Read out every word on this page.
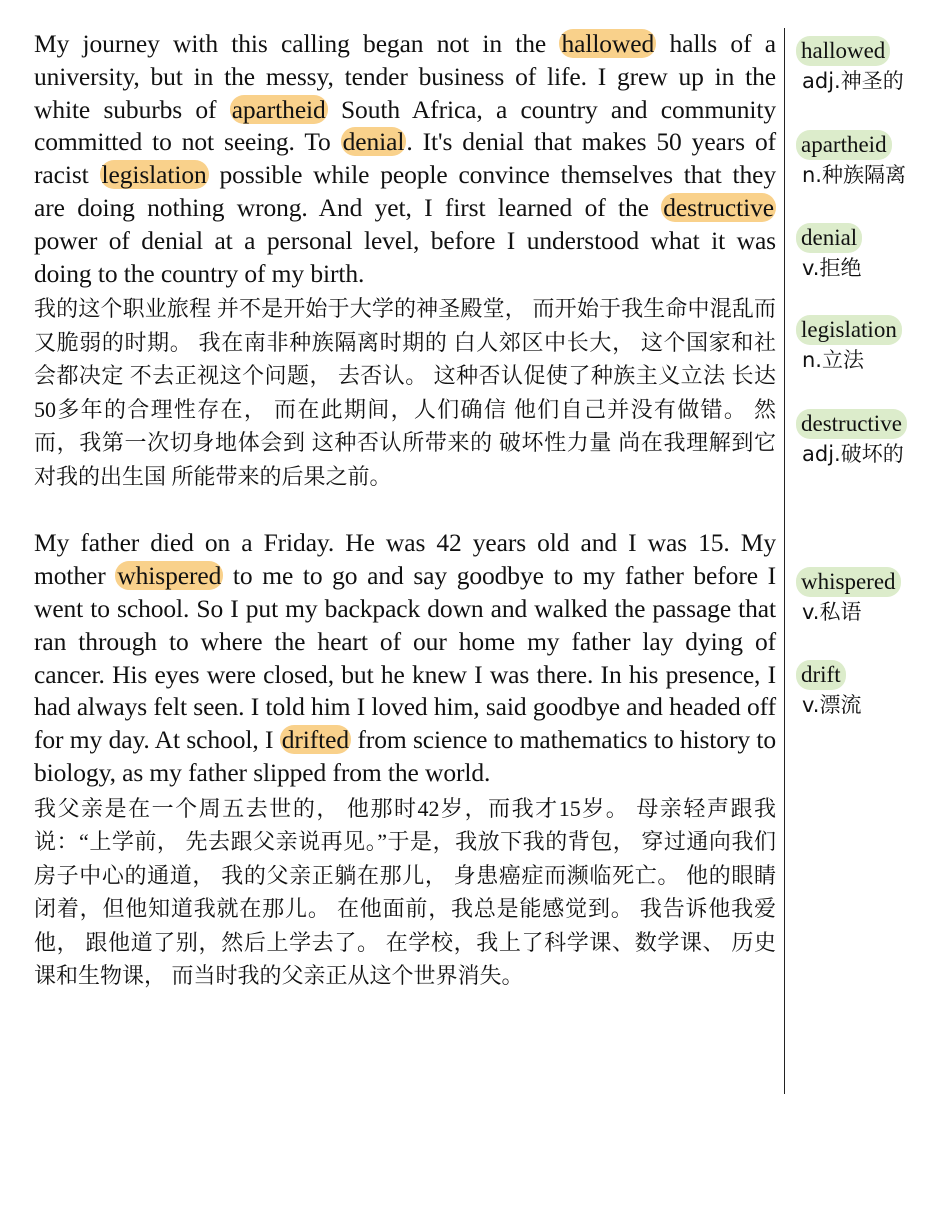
My journey with this calling began not in the hallowed halls of a university, but in the messy, tender business of life. I grew up in the white suburbs of apartheid South Africa, a country and community committed to not seeing. To denial. It's denial that makes 50 years of racist legislation possible while people convince themselves that they are doing nothing wrong. And yet, I first learned of the destructive power of denial at a personal level, before I understood what it was doing to the country of my birth.

我的这个职业旅程 并不是开始于大学的神圣殿堂， 而开始于我生命中混乱而又脆弱的时期。 我在南非种族隔离时期的 白人郊区中长大， 这个国家和社会都决定 不去正视这个问题， 去否认。 这种否认促使了种族主义立法 长达50多年的合理性存在， 而在此期间，人们确信 他们自己并没有做错。 然而，我第一次切身地体会到 这种否认所带来的 破坏性力量 尚在我理解到它对我的出生国 所能带来的后果之前。

My father died on a Friday. He was 42 years old and I was 15. My mother whispered to me to go and say goodbye to my father before I went to school. So I put my backpack down and walked the passage that ran through to where the heart of our home my father lay dying of cancer. His eyes were closed, but he knew I was there. In his presence, I had always felt seen. I told him I loved him, said goodbye and headed off for my day. At school, I drifted from science to mathematics to history to biology, as my father slipped from the world.

我父亲是在一个周五去世的， 他那时42岁，而我才15岁。 母亲轻声跟我说：“上学前， 先去跟父亲说再见。”于是，我放下我的背包， 穿过通向我们房子中心的通道， 我的父亲正躺在那儿， 身患癌症而濒临死亡。 他的眼睛闭着，但他知道我就在那儿。 在他面前，我总是能感觉到。 我告诉他我爱他， 跟他道了别，然后上学去了。 在学校，我上了科学课、数学课、 历史课和生物课， 而当时我的父亲正从这个世界消失。

hallowed
adj.神圣的
apartheid
n.种族隔离
denial
v.拒绝
legislation
n.立法
destructive
adj.破坏的
whispered
v.私语
drift
v.漂流
